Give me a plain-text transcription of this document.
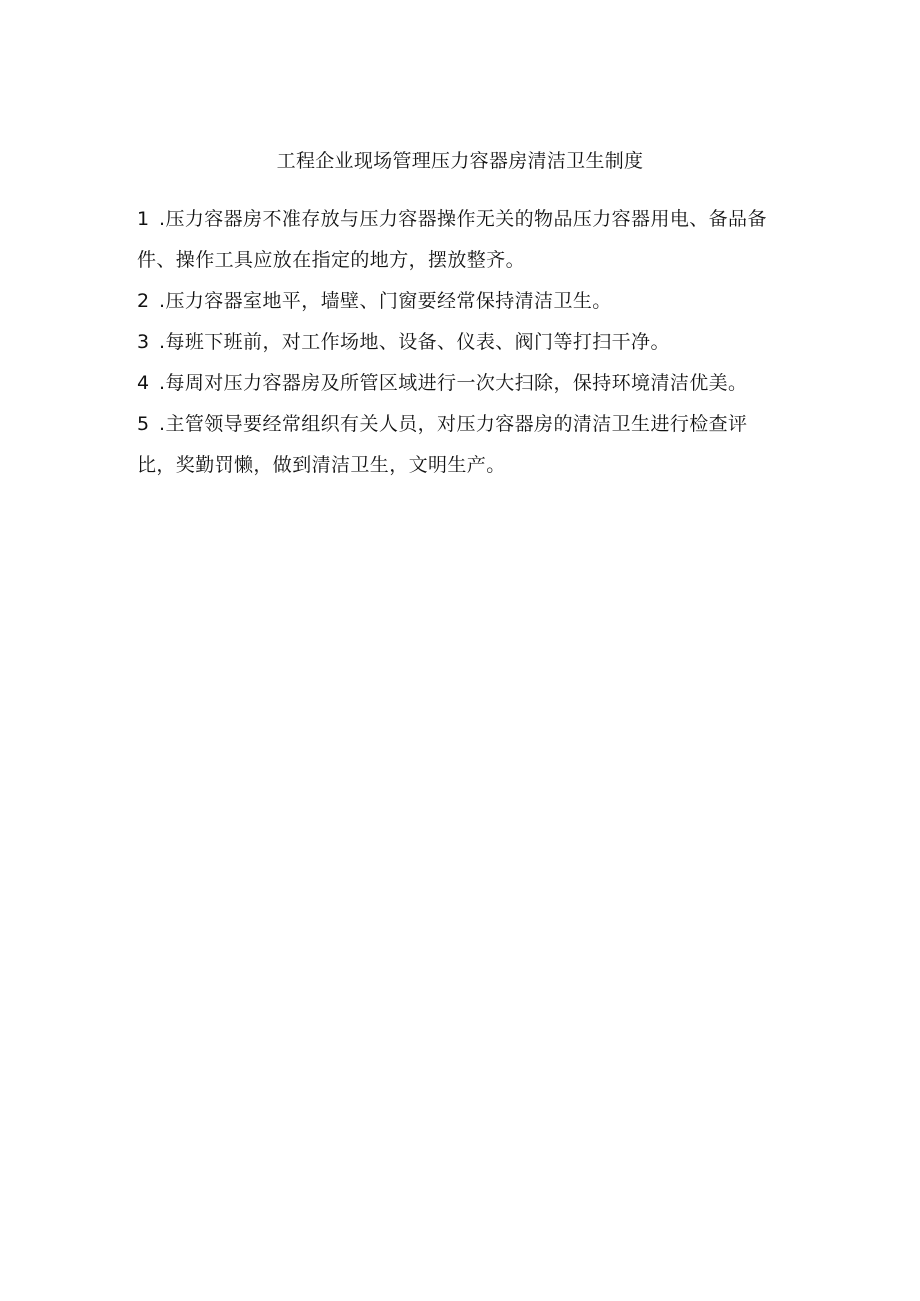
工程企业现场管理压力容器房清洁卫生制度
1 .压力容器房不准存放与压力容器操作无关的物品压力容器用电、备品备件、操作工具应放在指定的地方，摆放整齐。
2 .压力容器室地平，墙壁、门窗要经常保持清洁卫生。
3 .每班下班前，对工作场地、设备、仪表、阀门等打扫干净。
4 .每周对压力容器房及所管区域进行一次大扫除，保持环境清洁优美。
5 .主管领导要经常组织有关人员，对压力容器房的清洁卫生进行检查评比，奖勤罚懒，做到清洁卫生，文明生产。
